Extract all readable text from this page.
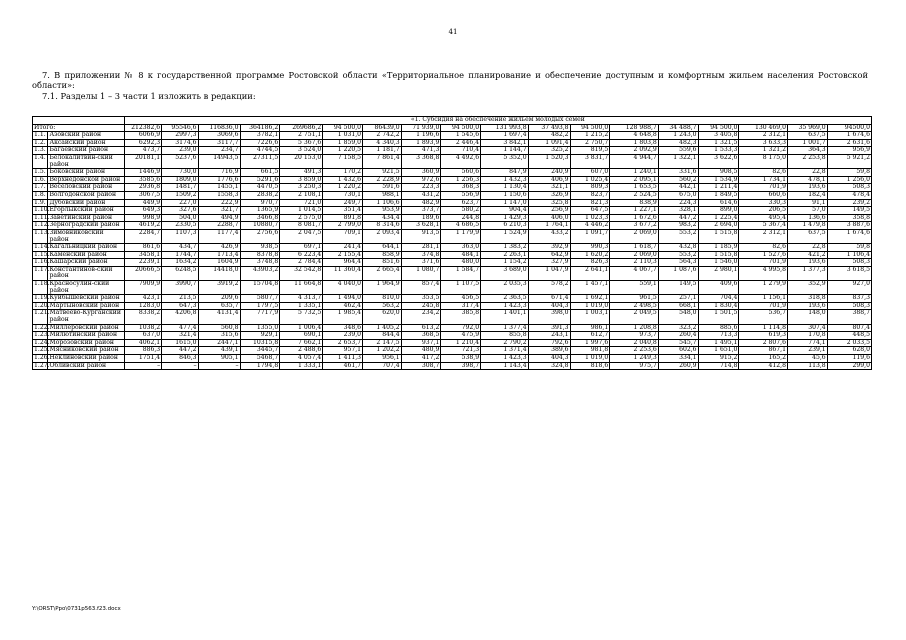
41

7. В приложении № 8 к государственной программе Ростовской области «Территориальное планирование и обеспечение доступным и комфортным жильем населения Ростовской области»:

7.1. Разделы 1 – 3 части 1 изложить в редакции:

		«1. Субсидия на обеспечение жильем молодых семей																	
Итого:		212382,6	95546,6	116836,0	364186,2	269686,2	94 500,0	86439,0	71 939,0	94 500,0	131 993,8	37 493,8	94 500,0	128 988,7	34 488,7	94 500,0	130 469,0	35 969,0	94500,0
1.1.	Азовский район	6066,9	2997,3	3069,6	3782,1	2 751,1	1 031,0	2 742,2	1 196,6	1 545,6	1 697,4	482,2	1 215,2	4 648,8	1 243,0	3 405,8	2 312,1	637,5	1 674,6
1.2.	Аксайский район	6292,3	3174,6	3117,7	7226,6	5 367,6	1 859,0	4 340,3	1 893,9	2 446,4	3 842,1	1 091,4	2 750,7	1 803,8	482,3	1 321,5	3 633,3	1 001,7	2 631,6
1.3.	Багаевский район	473,7	239,0	234,7	4744,5	3 524,0	1 220,5	1 181,7	471,3	710,4	1 144,7	325,2	819,5	2 092,9	559,6	1 533,3	1 321,2	364,3	956,9
1.4.	Белокалитвин-ский район	20181,1	5237,6	14943,5	27311,5	20 153,0	7 158,5	7 861,4	3 368,8	4 492,6	5 352,0	1 520,3	3 831,7	4 944,7	1 322,1	3 622,6	8 175,0	2 253,8	5 921,2
1.5.	Боковский район	1446,9	730,0	716,9	661,5	491,3	170,2	921,5	360,9	560,6	847,9	240,9	607,0	1 240,1	331,6	908,5	82,6	22,8	59,8
1.6.	Верхнедонской район	3585,6	1809,0	1776,6	5291,6	3 859,0	1 432,6	2 228,9	972,6	1 256,3	1 432,3	406,9	1 025,4	2 095,1	560,2	1 534,9	1 734,1	478,1	1 256,0
1.7.	Веселовский район	2936,8	1481,7	1455,1	4470,5	3 250,3	1 220,2	591,6	223,3	368,3	1 130,4	321,1	809,3	1 653,5	442,1	1 211,4	701,9	193,6	508,3
1.8.	Волгодонской район	3067,5	1509,2	1558,3	2838,2	2 108,1	730,1	988,1	431,2	556,9	1 150,6	326,9	823,7	2 524,5	675,0	1 849,5	660,6	182,4	478,4
1.9.	Дубовский район	449,9	227,0	222,9	970,7	721,0	249,7	1 106,6	482,9	623,7	1 147,0	325,8	821,3	838,9	224,3	614,6	330,3	91,1	239,2
1.10.	Егорлыкский район	649,3	327,6	321,7	1365,9	1 014,5	351,4	953,9	373,7	580,2	904,4	256,9	647,5	1 227,1	328,1	899,0	206,5	57,0	149,5
1.11.	Заветинский район	998,9	504,0	494,9	3466,8	2 575,0	891,8	434,4	189,6	244,8	1 429,3	406,0	1 023,3	1 672,6	447,2	1 225,4	495,4	136,6	358,8
1.12.	Зерноградский район	4619,2	2330,5	2288,7	10880,7	8 081,7	2 799,0	8 314,6	3 628,1	4 686,5	6 210,3	1 764,1	4 446,2	3 677,2	983,2	2 694,0	5 367,4	1 479,8	3 887,6
1.13.	Зимовниковский район	2284,7	1107,3	1177,4	2756,6	2 047,5	709,1	2 093,4	913,5	1 179,9	1 524,9	433,2	1 091,7	2 069,0	553,2	1 515,8	2 312,1	637,5	1 674,6
1.14.	Кагальницкий район	861,6	434,7	426,9	938,5	697,1	241,4	644,1	281,1	363,0	1 383,2	392,9	990,3	1 618,7	432,8	1 185,9	82,6	22,8	59,8
1.15.	Каменский район	3458,1	1744,7	1713,4	8378,8	6 223,4	2 155,4	858,9	374,8	484,1	2 263,1	642,9	1 620,2	2 069,0	553,2	1 515,8	1 527,6	421,2	1 106,4
1.16.	Кашарский район	2239,1	1634,2	1604,9	3748,8	2 784,4	964,4	851,6	371,6	480,0	1 154,2	327,9	826,3	2 110,3	564,3	1 546,0	701,9	193,6	508,3
1.17.	Константинов-ский район	20666,5	6248,5	14418,0	43903,2	32 542,8	11 360,4	2 665,4	1 080,7	1 584,7	3 689,0	1 047,9	2 641,1	4 067,7	1 087,6	2 980,1	4 995,8	1 377,3	3 618,5
1.18.	Красносулин-ский район	7909,9	3990,7	3919,2	15704,8	11 664,8	4 040,0	1 964,9	857,4	1 107,5	2 035,3	578,2	1 457,1	559,1	149,5	409,6	1 279,9	352,9	927,0
1.19.	Куйбышевский район	423,1	213,5	209,6	5807,7	4 313,7	1 494,0	810,0	353,5	456,5	2 363,5	671,4	1 692,1	961,5	257,1	704,4	1 156,1	318,8	837,3
1.20.	Мартыновский район	1283,0	647,3	635,7	1797,5	1 335,1	462,4	563,2	245,8	317,4	1 423,3	404,3	1 019,0	2 498,5	668,1	1 830,4	701,9	193,6	508,3
1.21.	Матвеево-Курганский район	8338,2	4206,8	4131,4	7717,9	5 732,5	1 985,4	620,0	234,2	385,8	1 401,1	398,0	1 003,1	2 049,5	548,0	1 501,5	536,7	148,0	388,7
1.22.	Миллеровский район	1038,2	477,4	560,8	1355,0	1 006,4	348,6	1 405,2	613,2	792,0	1 377,4	391,3	986,1	1 208,8	323,2	885,6	1 114,8	307,4	807,4
1.23.	Милютинский район	637,0	321,4	315,6	929,1	690,1	239,0	844,4	368,5	475,9	855,8	243,1	612,7	973,7	260,4	713,3	619,3	170,8	448,5
1.24.	Морозовский район	4062,1	1615,0	2447,1	10315,8	7 662,1	2 653,7	2 147,5	937,1	1 210,4	2 790,2	792,6	1 997,6	2 040,8	545,7	1 495,1	2 807,6	774,1	2 033,5
1.25.	Мясниковский район	886,3	447,2	439,1	3445,7	2 488,6	957,1	1 202,2	480,9	721,3	1 371,4	389,6	981,8	2 253,6	602,6	1 651,0	867,1	239,1	628,0
1.26.	Неклиновский район	1751,4	846,3	905,1	5468,7	4 057,4	1 411,3	956,1	417,2	538,9	1 423,3	404,3	1 019,0	1 249,3	334,1	915,2	165,2	45,6	119,6
1.27.	Обливский район	–	–	–	1794,8	1 333,1	461,7	707,4	308,7	398,7	1 143,4	324,8	818,6	975,7	260,9	714,8	412,8	113,8	299,0
Y:\ORST\Ppo\0731p563.f23.docx
